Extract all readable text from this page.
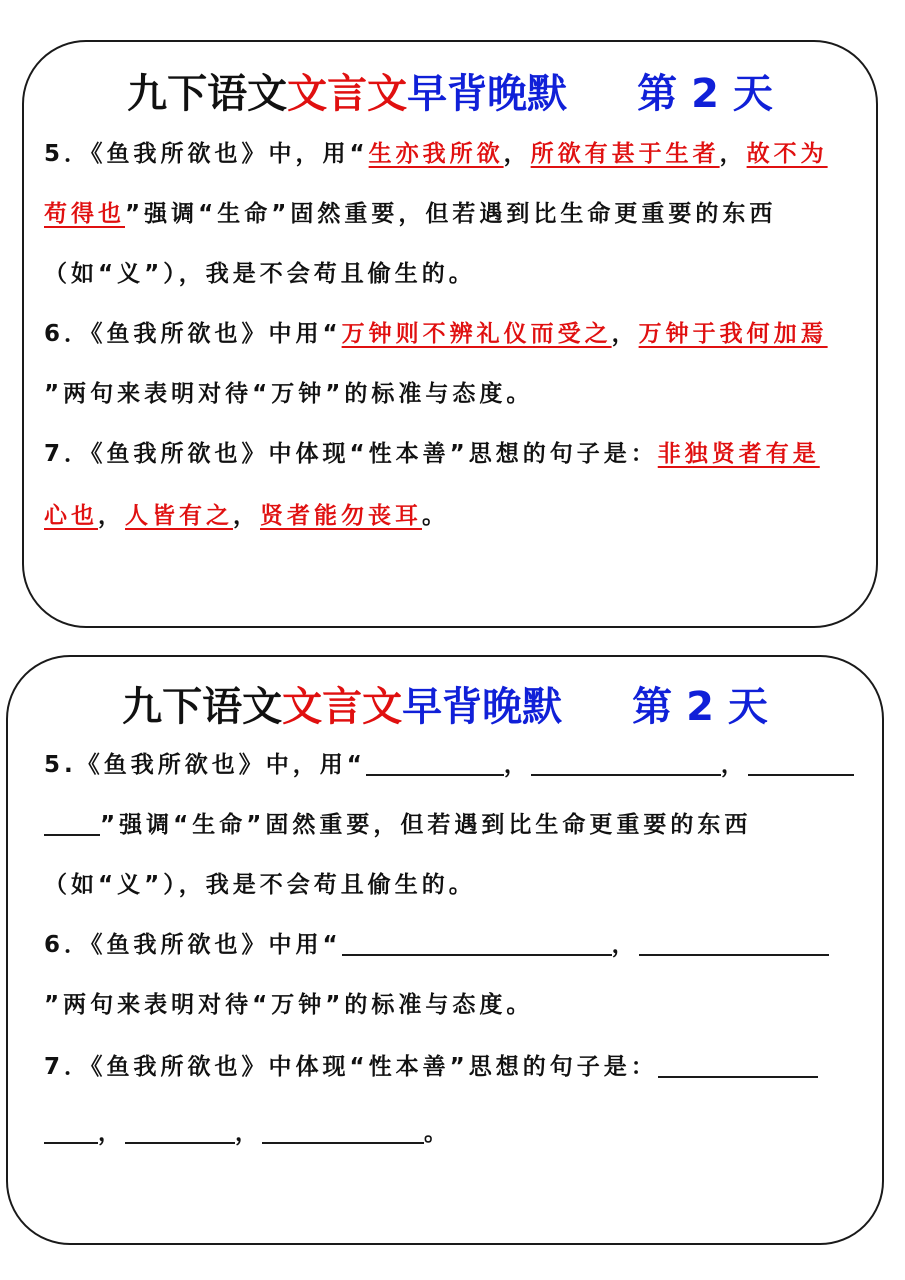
九下语文文言文早背晚默 第 2 天
5．《鱼我所欲也》中，用“生亦我所欲，所欲有甚于生者，故不为
苟得也”强调“生命”固然重要，但若遇到比生命更重要的东西
（如“义”），我是不会苟且偷生的。
6．《鱼我所欲也》中用“万钟则不辨礼仪而受之，万钟于我何加焉
”两句来表明对待“万钟”的标准与态度。
7．《鱼我所欲也》中体现“性本善”思想的句子是：非独贤者有是
心也，人皆有之，贤者能勿丧耳。
九下语文文言文早背晚默 第 2 天
5.《鱼我所欲也》中，用“	，	，
”强调“生命”固然重要，但若遇到比生命更重要的东西
（如“义”），我是不会苟且偷生的。
6．《鱼我所欲也》中用“	，
”两句来表明对待“万钟”的标准与态度。
7．《鱼我所欲也》中体现“性本善”思想的句子是：
，	，	。
